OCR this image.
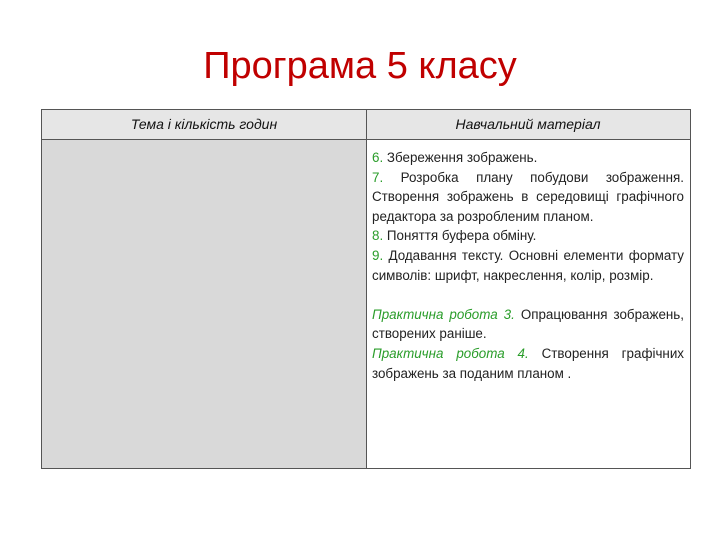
Програма 5 класу
Тема і кількість годин	Навчальний матеріал

6. Збереження зображень.

7. Розробка плану побудови зображення. Створення зображень в середовищі графічного редактора за розробленим планом.

8. Поняття буфера обміну.

9. Додавання тексту. Основні елементи формату символів: шрифт, накреслення, колір, розмір.

Практична робота 3. Опрацювання зображень, створених раніше.

Практична робота 4. Створення графічних зображень за поданим планом .
